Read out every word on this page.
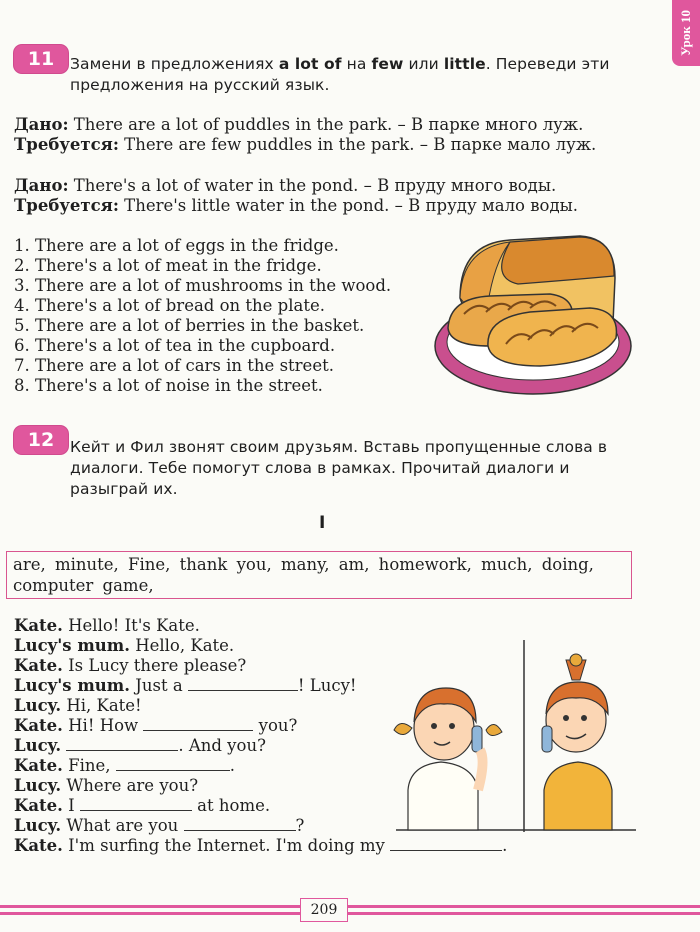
Урок 10
11	Замени в предложениях a lot of на few или little. Переведи эти предложения на русский язык.
Дано: There are a lot of puddles in the park. – В парке много луж.
Требуется: There are few puddles in the park. – В парке мало луж.
Дано: There's a lot of water in the pond. – В пруду много воды.
Требуется: There's little water in the pond. – В пруду мало воды.
1. There are a lot of eggs in the fridge.
2. There's a lot of meat in the fridge.
3. There are a lot of mushrooms in the wood.
4. There's a lot of bread on the plate.
5. There are a lot of berries in the basket.
6. There's a lot of tea in the cupboard.
7. There are a lot of cars in the street.
8. There's a lot of noise in the street.
12	Кейт и Фил звонят своим друзьям. Вставь пропущенные слова в диалоги. Тебе помогут слова в рамках. Прочитай диалоги и разыграй их.
I
are, minute, Fine, thank you, many, am, homework, much, doing, computer game,
Kate. Hello! It's Kate.
Lucy's mum. Hello, Kate.
Kate. Is Lucy there please?
Lucy's mum. Just a	! Lucy!
Lucy. Hi, Kate!
Kate. Hi! How	you?
Lucy.	. And you?
Kate. Fine,	.
Lucy. Where are you?
Kate. I	at home.
Lucy. What are you	?
Kate. I'm surfing the Internet. I'm doing my	.
209
